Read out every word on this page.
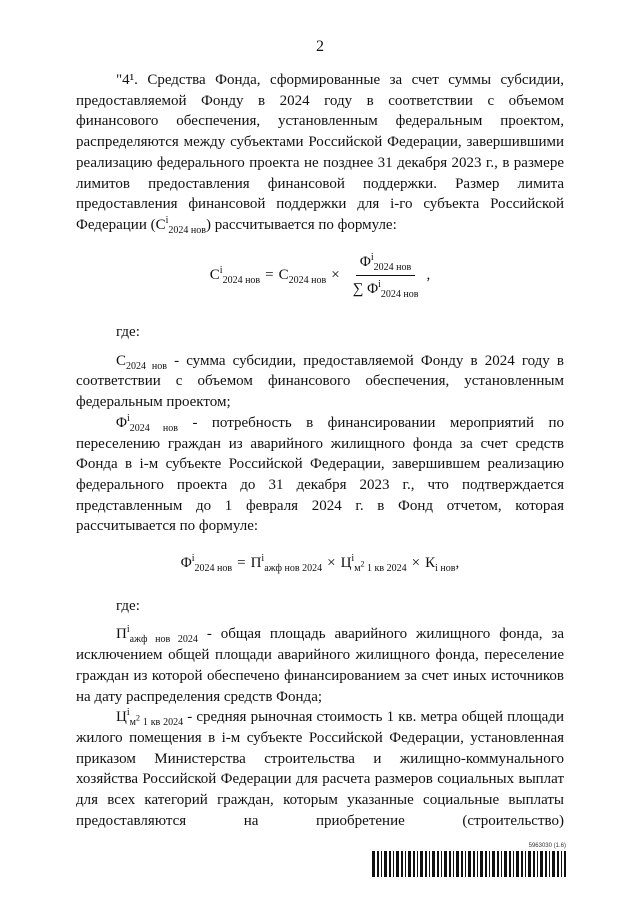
2

"4¹. Средства Фонда, сформированные за счет суммы субсидии, предоставляемой Фонду в 2024 году в соответствии с объемом финансового обеспечения, установленным федеральным проектом, распределяются между субъектами Российской Федерации, завершившими реализацию федерального проекта не позднее 31 декабря 2023 г., в размере лимитов предоставления финансовой поддержки. Размер лимита предоставления финансовой поддержки для i-го субъекта Российской Федерации $(C^i_{2024 нов})$ рассчитывается по формуле:

$C^i_{2024 нов} = C_{2024 нов} \times \frac{\Phi^i_{2024 нов}}{\sum \Phi^i_{2024 нов}}$ ,

где:

$C_{2024 нов}$ - сумма субсидии, предоставляемой Фонду в 2024 году в соответствии с объемом финансового обеспечения, установленным федеральным проектом;

$\Phi^i_{2024 нов}$ - потребность в финансировании мероприятий по переселению граждан из аварийного жилищного фонда за счет средств Фонда в i-м субъекте Российской Федерации, завершившем реализацию федерального проекта до 31 декабря 2023 г., что подтверждается представленным до 1 февраля 2024 г. в Фонд отчетом, которая рассчитывается по формуле:

$\Phi^i_{2024 нов} = П^i_{ажф нов 2024} \times Ц^i_{м^2 1 кв 2024} \times К_{i нов}$ ,

где:

$П^i_{ажф нов 2024}$ - общая площадь аварийного жилищного фонда, за исключением общей площади аварийного жилищного фонда, переселение граждан из которой обеспечено финансированием за счет иных источников на дату распределения средств Фонда;

$Ц^i_{м^2 1 кв 2024}$ - средняя рыночная стоимость 1 кв. метра общей площади жилого помещения в i-м субъекте Российской Федерации, установленная приказом Министерства строительства и жилищно-коммунального хозяйства Российской Федерации для расчета размеров социальных выплат для всех категорий граждан, которым указанные социальные выплаты предоставляются на приобретение (строительство)

5963030 (1.6)
